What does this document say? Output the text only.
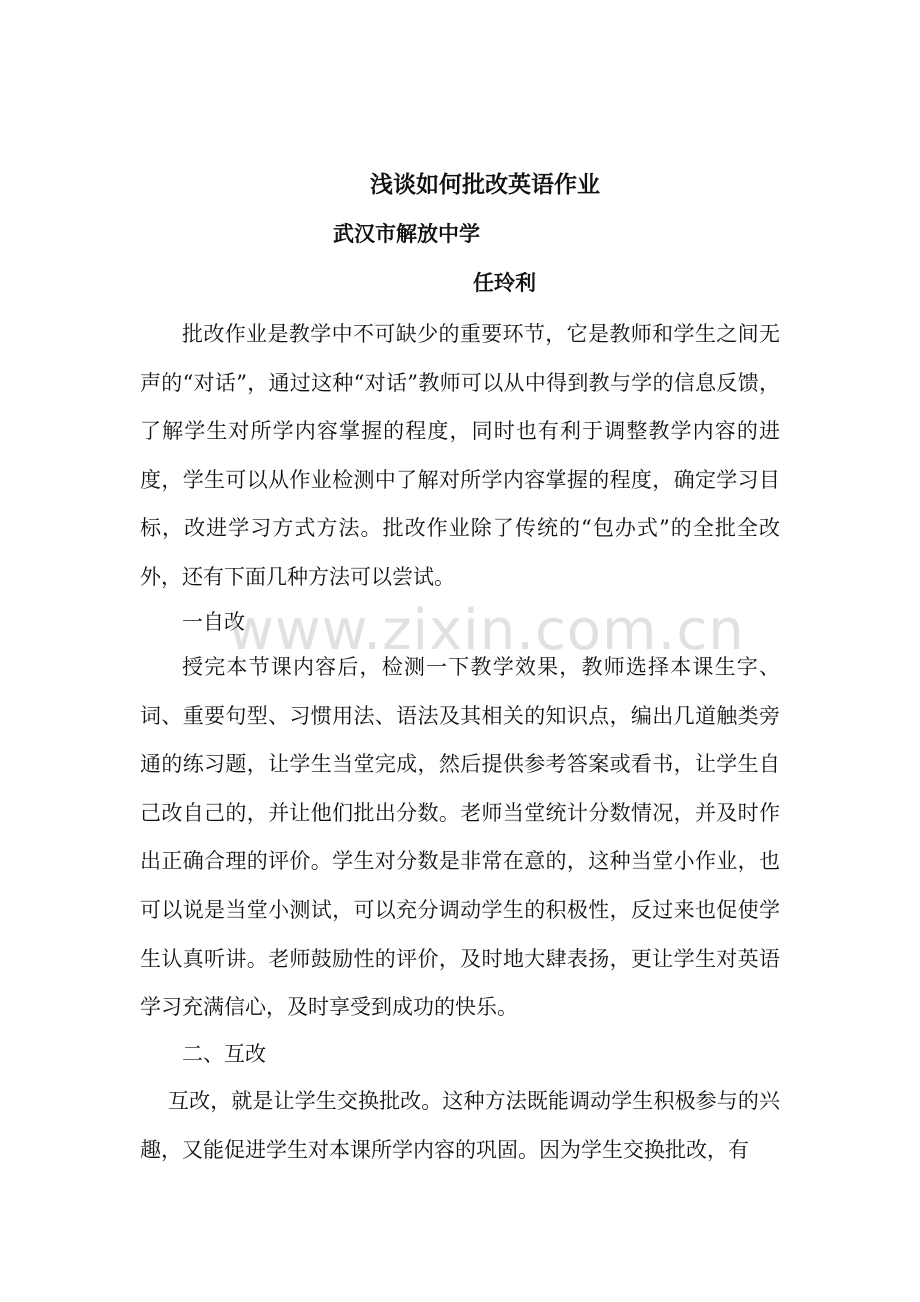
浅谈如何批改英语作业
武汉市解放中学
任玲利

批改作业是教学中不可缺少的重要环节，它是教师和学生之间无声的“对话”，通过这种“对话”教师可以从中得到教与学的信息反馈，了解学生对所学内容掌握的程度，同时也有利于调整教学内容的进度，学生可以从作业检测中了解对所学内容掌握的程度，确定学习目标，改进学习方式方法。批改作业除了传统的“包办式”的全批全改外，还有下面几种方法可以尝试。

一自改

授完本节课内容后，检测一下教学效果，教师选择本课生字、词、重要句型、习惯用法、语法及其相关的知识点，编出几道触类旁通的练习题，让学生当堂完成，然后提供参考答案或看书，让学生自己改自己的，并让他们批出分数。老师当堂统计分数情况，并及时作出正确合理的评价。学生对分数是非常在意的，这种当堂小作业，也可以说是当堂小测试，可以充分调动学生的积极性，反过来也促使学生认真听讲。老师鼓励性的评价，及时地大肆表扬，更让学生对英语学习充满信心，及时享受到成功的快乐。

二、互改

互改，就是让学生交换批改。这种方法既能调动学生积极参与的兴趣，又能促进学生对本课所学内容的巩固。因为学生交换批改，有

www.zixin.com.cn
